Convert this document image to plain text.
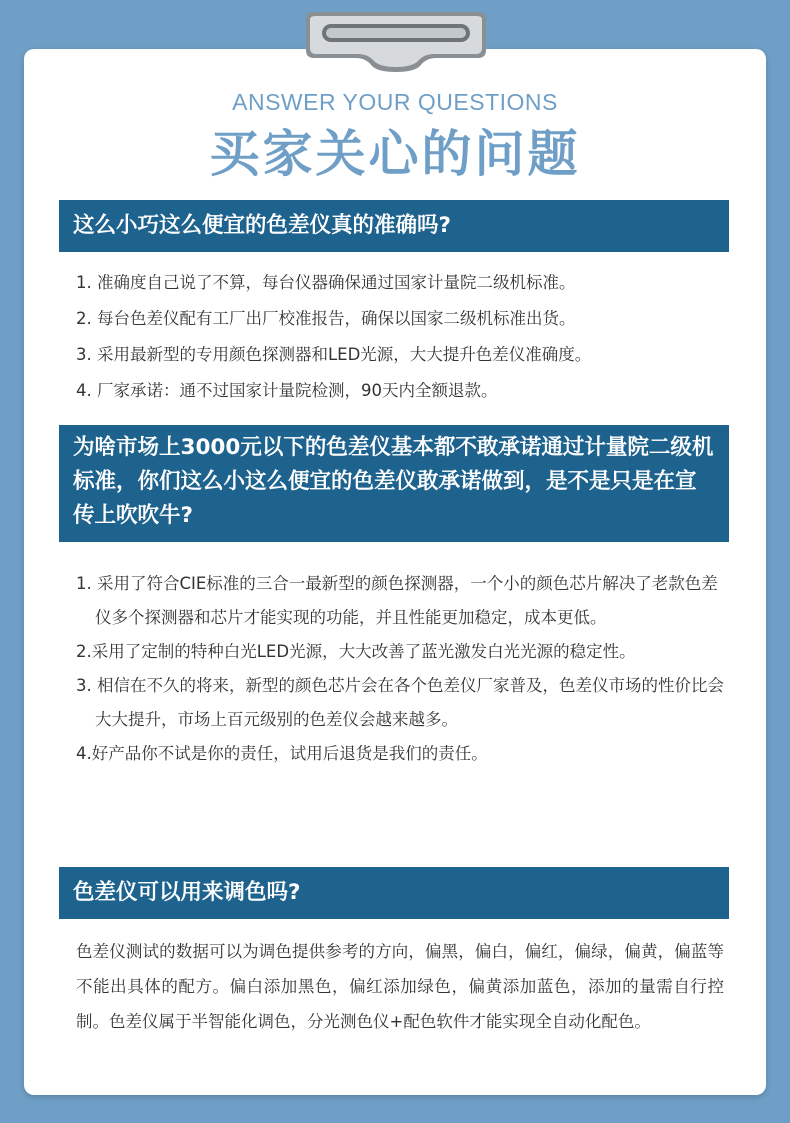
ANSWER YOUR QUESTIONS
买家关心的问题
这么小巧这么便宜的色差仪真的准确吗?
1. 准确度自己说了不算，每台仪器确保通过国家计量院二级机标准。
2. 每台色差仪配有工厂出厂校准报告，确保以国家二级机标准出货。
3. 采用最新型的专用颜色探测器和LED光源，大大提升色差仪准确度。
4. 厂家承诺：通不过国家计量院检测，90天内全额退款。
为啥市场上3000元以下的色差仪基本都不敢承诺通过计量院二级机标准，你们这么小这么便宜的色差仪敢承诺做到，是不是只是在宣传上吹吹牛?
1. 采用了符合CIE标准的三合一最新型的颜色探测器，一个小的颜色芯片解决了老款色差仪多个探测器和芯片才能实现的功能，并且性能更加稳定，成本更低。
2.采用了定制的特种白光LED光源，大大改善了蓝光激发白光光源的稳定性。
3. 相信在不久的将来，新型的颜色芯片会在各个色差仪厂家普及，色差仪市场的性价比会大大提升，市场上百元级别的色差仪会越来越多。
4.好产品你不试是你的责任，试用后退货是我们的责任。
色差仪可以用来调色吗?

色差仪测试的数据可以为调色提供参考的方向，偏黑，偏白，偏红，偏绿，偏黄，偏蓝等不能出具体的配方。偏白添加黑色，偏红添加绿色，偏黄添加蓝色，添加的量需自行控制。色差仪属于半智能化调色，分光测色仪+配色软件才能实现全自动化配色。
